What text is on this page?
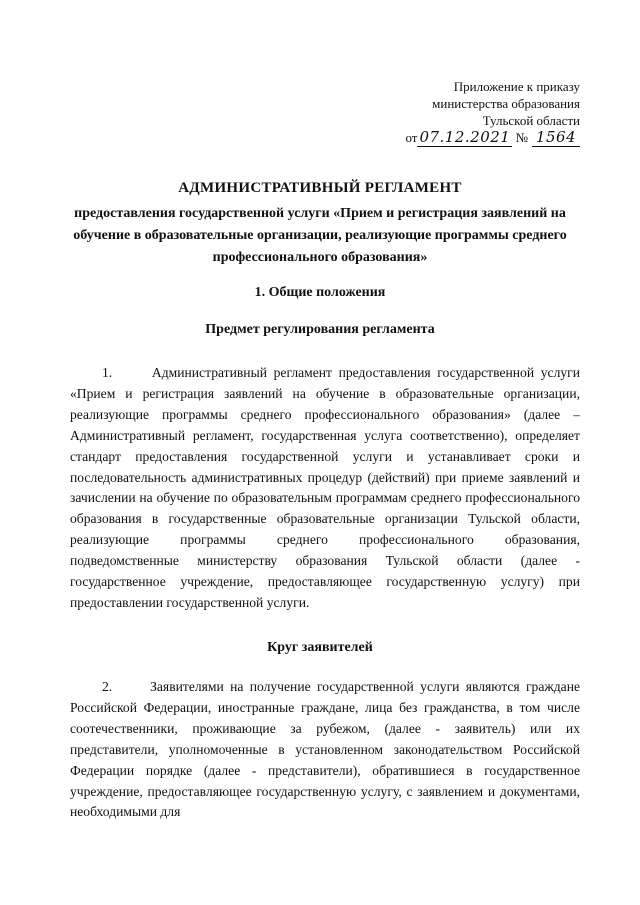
Приложение к приказу
министерства образования
Тульской области
от 07.12.2021 № 1564
АДМИНИСТРАТИВНЫЙ РЕГЛАМЕНТ
предоставления государственной услуги «Прием и регистрация заявлений на обучение в образовательные организации, реализующие программы среднего профессионального образования»
1. Общие положения
Предмет регулирования регламента

1.      Административный регламент предоставления государственной услуги «Прием и регистрация заявлений на обучение в образовательные организации, реализующие программы среднего профессионального образования» (далее – Административный регламент, государственная услуга соответственно), определяет стандарт предоставления государственной услуги и устанавливает сроки и последовательность административных процедур (действий) при приеме заявлений и зачислении на обучение по образовательным программам среднего профессионального образования в государственные образовательные организации Тульской области, реализующие программы среднего профессионального образования, подведомственные министерству образования Тульской области (далее - государственное учреждение, предоставляющее государственную услугу) при предоставлении государственной услуги.

Круг заявителей

2.      Заявителями на получение государственной услуги являются граждане Российской Федерации, иностранные граждане, лица без гражданства, в том числе соотечественники, проживающие за рубежом, (далее - заявитель) или их представители, уполномоченные в установленном законодательством Российской Федерации порядке (далее - представители), обратившиеся в государственное учреждение, предоставляющее государственную услугу, с заявлением и документами, необходимыми для
